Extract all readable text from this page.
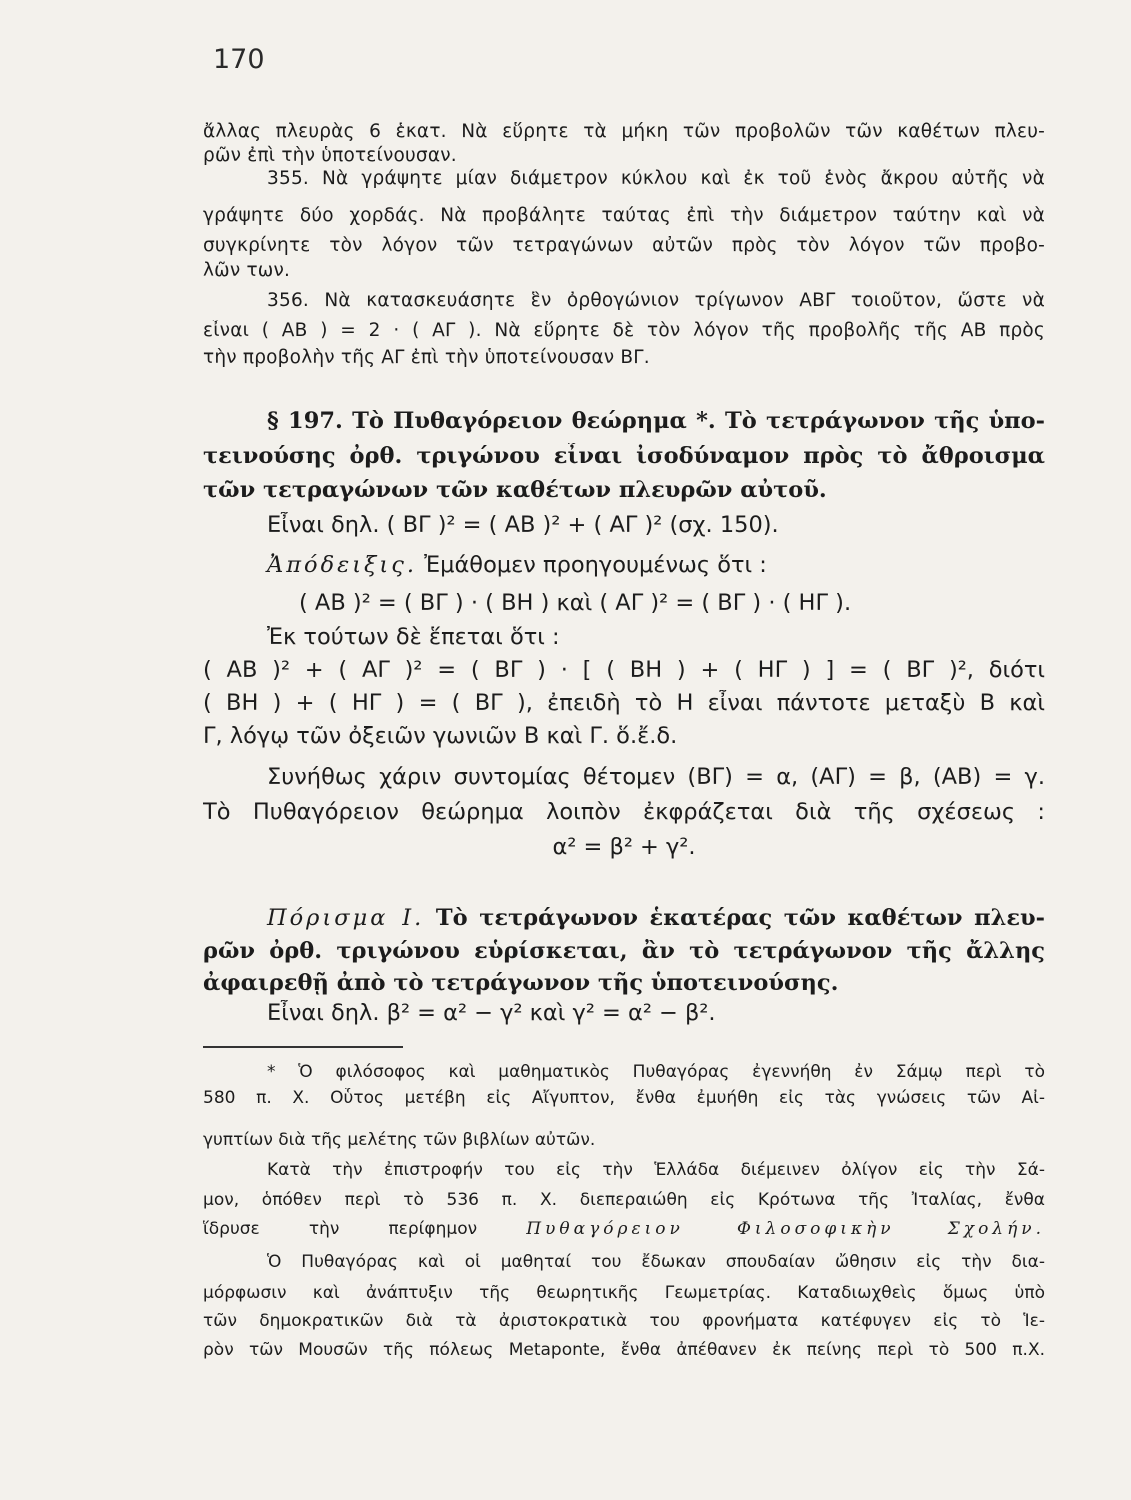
170
ἄλλας πλευρὰς 6 ἑκατ. Νὰ εὕρητε τὰ μήκη τῶν προβολῶν τῶν καθέτων πλευ-
ρῶν ἐπὶ τὴν ὑποτείνουσαν.
355. Νὰ γράψητε μίαν διάμετρον κύκλου καὶ ἐκ τοῦ ἑνὸς ἄκρου αὐτῆς νὰ
γράψητε δύο χορδάς. Νὰ προβάλητε ταύτας ἐπὶ τὴν διάμετρον ταύτην καὶ νὰ
συγκρίνητε τὸν λόγον τῶν τετραγώνων αὐτῶν πρὸς τὸν λόγον τῶν προβο-
λῶν των.
356. Νὰ κατασκευάσητε ἓν ὀρθογώνιον τρίγωνον ΑΒΓ τοιοῦτον, ὥστε νὰ
εἶναι ( ΑΒ ) = 2 · ( ΑΓ ). Νὰ εὕρητε δὲ τὸν λόγον τῆς προβολῆς τῆς ΑΒ πρὸς
τὴν προβολὴν τῆς ΑΓ ἐπὶ τὴν ὑποτείνουσαν ΒΓ.
§ 197. Τὸ Πυθαγόρειον θεώρημα *. Τὸ τετράγωνον τῆς ὑπο-
τεινούσης ὀρθ. τριγώνου εἶναι ἰσοδύναμον πρὸς τὸ ἄθροισμα
τῶν τετραγώνων τῶν καθέτων πλευρῶν αὐτοῦ.
Εἶναι δηλ. ( ΒΓ )² = ( ΑΒ )² + ( ΑΓ )² (σχ. 150).
Ἀπόδειξις. Ἐμάθομεν προηγουμένως ὅτι :
( ΑΒ )² = ( ΒΓ ) · ( ΒΗ ) καὶ ( ΑΓ )² = ( ΒΓ ) · ( ΗΓ ).
Ἐκ τούτων δὲ ἕπεται ὅτι :
( ΑΒ )² + ( ΑΓ )² = ( ΒΓ ) · [ ( ΒΗ ) + ( ΗΓ ) ] = ( ΒΓ )², διότι
( ΒΗ ) + ( ΗΓ ) = ( ΒΓ ), ἐπειδὴ τὸ Η εἶναι πάντοτε μεταξὺ Β καὶ
Γ, λόγῳ τῶν ὀξειῶν γωνιῶν Β καὶ Γ. ὅ.ἔ.δ.
Συνήθως χάριν συντομίας θέτομεν (ΒΓ) = α, (ΑΓ) = β, (ΑΒ) = γ.
Τὸ Πυθαγόρειον θεώρημα λοιπὸν ἐκφράζεται διὰ τῆς σχέσεως :
α² = β² + γ².
Πόρισμα Ι. Τὸ τετράγωνον ἑκατέρας τῶν καθέτων πλευ-
ρῶν ὀρθ. τριγώνου εὑρίσκεται, ἂν τὸ τετράγωνον τῆς ἄλλης
ἀφαιρεθῇ ἀπὸ τὸ τετράγωνον τῆς ὑποτεινούσης.
Εἶναι δηλ. β² = α² − γ² καὶ γ² = α² − β².
* Ὁ φιλόσοφος καὶ μαθηματικὸς Πυθαγόρας ἐγεννήθη ἐν Σάμῳ περὶ τὸ
580 π. Χ. Οὗτος μετέβη εἰς Αἴγυπτον, ἔνθα ἐμυήθη εἰς τὰς γνώσεις τῶν Αἰ-
γυπτίων διὰ τῆς μελέτης τῶν βιβλίων αὐτῶν.
Κατὰ τὴν ἐπιστροφήν του εἰς τὴν Ἑλλάδα διέμεινεν ὀλίγον εἰς τὴν Σά-
μον, ὁπόθεν περὶ τὸ 536 π. Χ. διεπεραιώθη εἰς Κρότωνα τῆς Ἰταλίας, ἔνθα
ἵδρυσε τὴν περίφημον	Πυθαγόρειον Φιλοσοφικὴν Σχολήν.
Ὁ Πυθαγόρας καὶ οἱ μαθηταί του ἔδωκαν σπουδαίαν ὤθησιν εἰς τὴν δια-
μόρφωσιν καὶ ἀνάπτυξιν τῆς θεωρητικῆς Γεωμετρίας. Καταδιωχθεὶς ὅμως ὑπὸ
τῶν δημοκρατικῶν διὰ τὰ ἀριστοκρατικὰ του φρονήματα κατέφυγεν εἰς τὸ Ἱε-
ρὸν τῶν Μουσῶν τῆς πόλεως Metaponte, ἔνθα ἀπέθανεν ἐκ πείνης περὶ τὸ 500 π.Χ.
